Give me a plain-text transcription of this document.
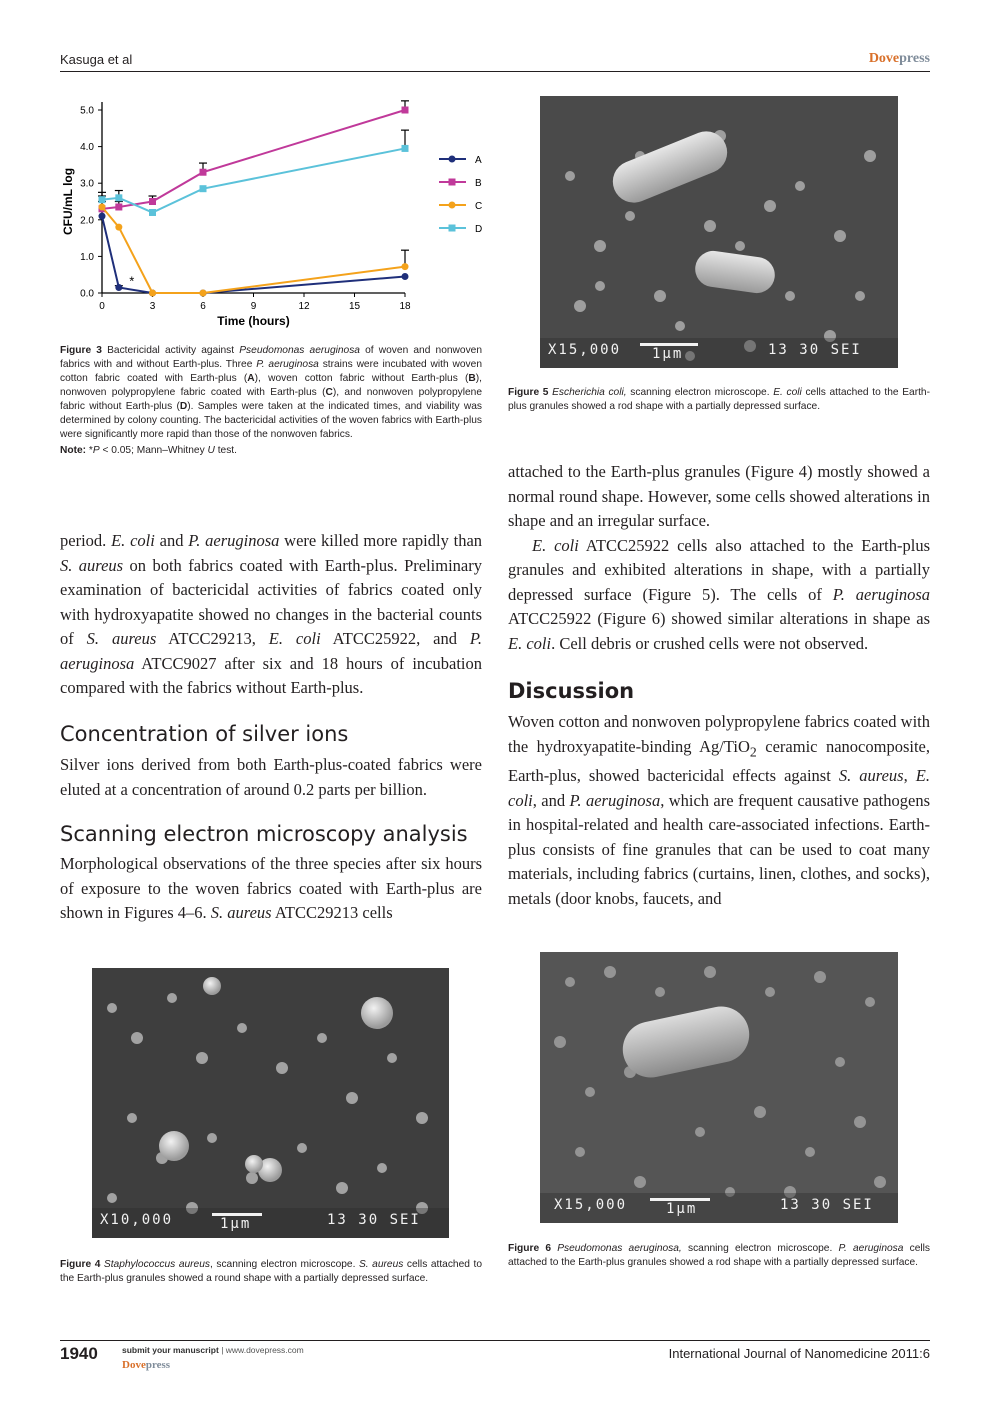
Kasuga et al	Dovepress
0.0
1.0
2.0
3.0
4.0
5.0
0	3	6	9	12	15	18
Time (hours)
CFU/mL log
A
B
C
D
*
Figure 3 Bactericidal activity against Pseudomonas aeruginosa of woven and nonwoven fabrics with and without Earth-plus. Three P. aeruginosa strains were incubated with woven cotton fabric coated with Earth-plus (A), woven cotton fabric without Earth-plus (B), nonwoven polypropylene fabric coated with Earth-plus (C), and nonwoven polypropylene fabric without Earth-plus (D). Samples were taken at the indicated times, and viability was determined by colony counting. The bactericidal activities of the woven fabrics with Earth-plus were significantly more rapid than those of the nonwoven fabrics.
Note: *P < 0.05; Mann–Whitney U test.

period. E. coli and P. aeruginosa were killed more rapidly than S. aureus on both fabrics coated with Earth-plus. Preliminary examination of bactericidal activities of fabrics coated only with hydroxyapatite showed no changes in the bacterial counts of S. aureus ATCC29213, E. coli ATCC25922, and P. aeruginosa ATCC9027 after six and 18 hours of incubation compared with the fabrics without Earth-plus.

Concentration of silver ions

Silver ions derived from both Earth-plus-coated fabrics were eluted at a concentration of around 0.2 parts per billion.

Scanning electron microscopy analysis

Morphological observations of the three species after six hours of exposure to the woven fabrics coated with Earth-plus are shown in Figures 4–6. S. aureus ATCC29213 cells

X15,000 1μm	13 30 SEI
Figure 5 Escherichia coli, scanning electron microscope. E. coli cells attached to the Earth-plus granules showed a rod shape with a partially depressed surface.

attached to the Earth-plus granules (Figure 4) mostly showed a normal round shape. However, some cells showed alterations in shape and an irregular surface.

E. coli ATCC25922 cells also attached to the Earth-plus granules and exhibited alterations in shape, with a partially depressed surface (Figure 5). The cells of P. aeruginosa ATCC25922 (Figure 6) showed similar alterations in shape as E. coli. Cell debris or crushed cells were not observed.

Discussion

Woven cotton and nonwoven polypropylene fabrics coated with the hydroxyapatite-binding Ag/TiO$_2$ ceramic nanocomposite, Earth-plus, showed bactericidal effects against S. aureus, E. coli, and P. aeruginosa, which are frequent causative pathogens in hospital-related and health care-associated infections. Earth-plus consists of fine granules that can be used to coat many materials, including fabrics (curtains, linen, clothes, and socks), metals (door knobs, faucets, and

X10,000	1μm	13 30 SEI
Figure 4 Staphylococcus aureus, scanning electron microscope. S. aureus cells attached to the Earth-plus granules showed a round shape with a partially depressed surface.
X15,000	1μm	13 30 SEI
Figure 6 Pseudomonas aeruginosa, scanning electron microscope. P. aeruginosa cells attached to the Earth-plus granules showed a rod shape with a partially depressed surface.
1940	submit your manuscript | www.dovepress.com
Dovepress
International Journal of Nanomedicine 2011:6
